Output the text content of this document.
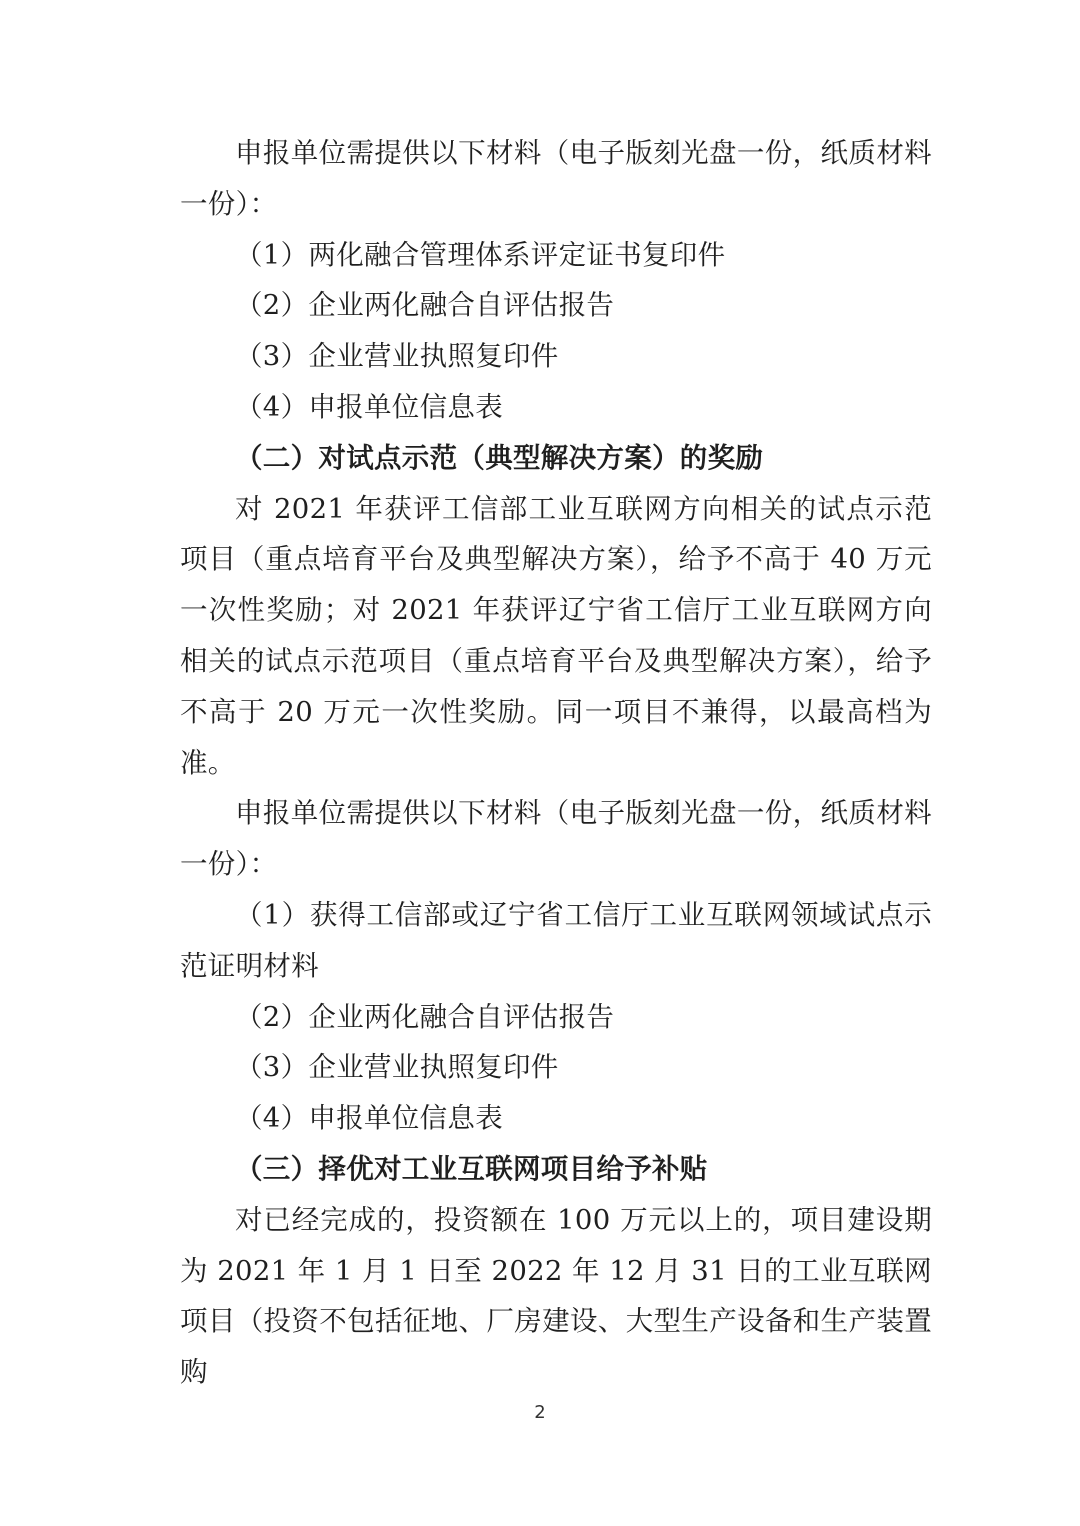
申报单位需提供以下材料（电子版刻光盘一份，纸质材料一份）：

（1）两化融合管理体系评定证书复印件

（2）企业两化融合自评估报告

（3）企业营业执照复印件

（4）申报单位信息表

（二）对试点示范（典型解决方案）的奖励

对 2021 年获评工信部工业互联网方向相关的试点示范项目（重点培育平台及典型解决方案），给予不高于 40 万元一次性奖励；对 2021 年获评辽宁省工信厅工业互联网方向相关的试点示范项目（重点培育平台及典型解决方案），给予不高于 20 万元一次性奖励。同一项目不兼得，以最高档为准。

申报单位需提供以下材料（电子版刻光盘一份，纸质材料一份）：

（1）获得工信部或辽宁省工信厅工业互联网领域试点示范证明材料

（2）企业两化融合自评估报告

（3）企业营业执照复印件

（4）申报单位信息表

（三）择优对工业互联网项目给予补贴

对已经完成的，投资额在 100 万元以上的，项目建设期为 2021 年 1 月 1 日至 2022 年 12 月 31 日的工业互联网项目（投资不包括征地、厂房建设、大型生产设备和生产装置购

2
